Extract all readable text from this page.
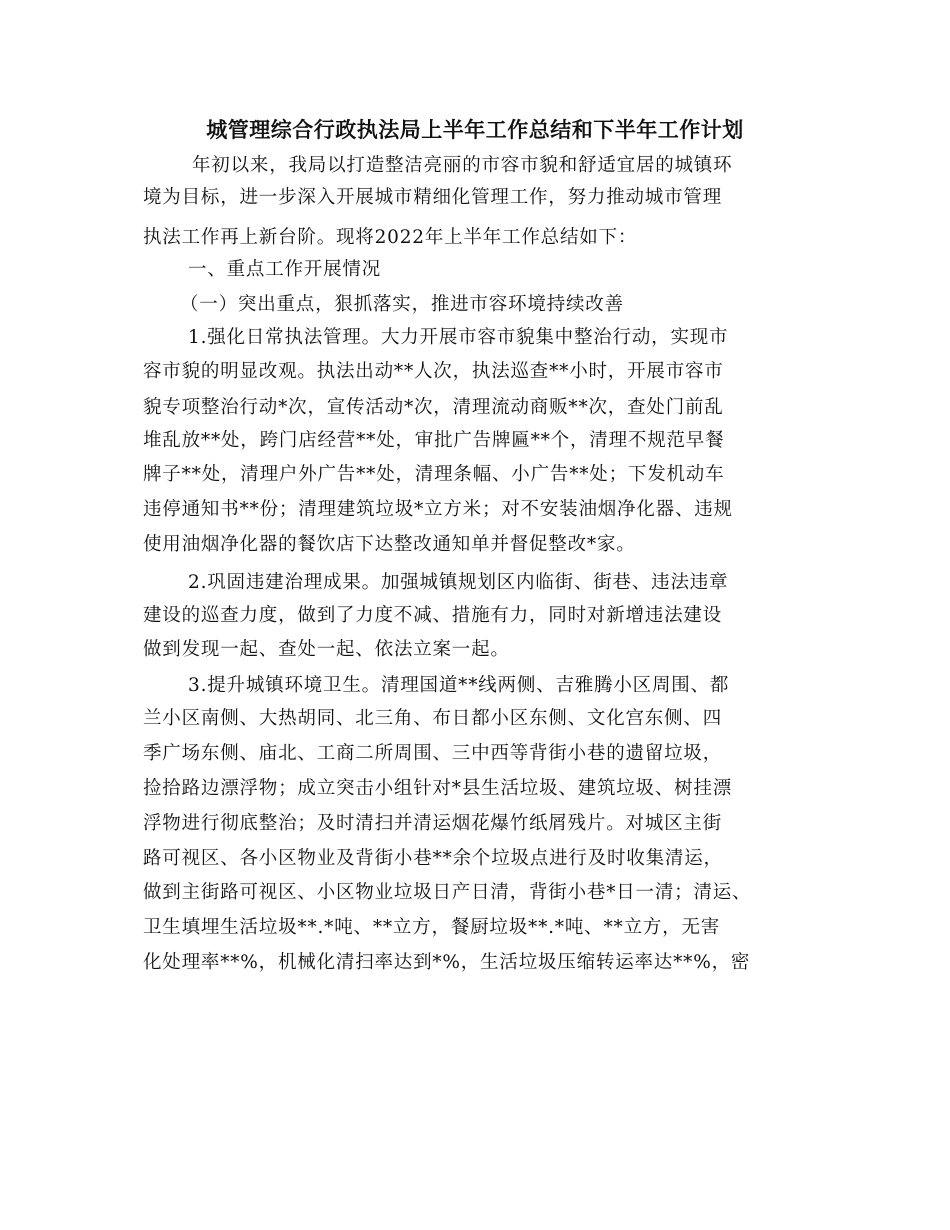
城管理综合行政执法局上半年工作总结和下半年工作计划
年初以来，我局以打造整洁亮丽的市容市貌和舒适宜居的城镇环
境为目标，进一步深入开展城市精细化管理工作，努力推动城市管理
执法工作再上新台阶。现将2022年上半年工作总结如下：
一、重点工作开展情况
（一）突出重点，狠抓落实，推进市容环境持续改善
1.强化日常执法管理。大力开展市容市貌集中整治行动，实现市
容市貌的明显改观。执法出动**人次，执法巡查**小时，开展市容市
貌专项整治行动*次，宣传活动*次，清理流动商贩**次，查处门前乱
堆乱放**处，跨门店经营**处，审批广告牌匾**个，清理不规范早餐
牌子**处，清理户外广告**处，清理条幅、小广告**处；下发机动车
违停通知书**份；清理建筑垃圾*立方米；对不安装油烟净化器、违规
使用油烟净化器的餐饮店下达整改通知单并督促整改*家。
2.巩固违建治理成果。加强城镇规划区内临街、街巷、违法违章
建设的巡查力度，做到了力度不减、措施有力，同时对新增违法建设
做到发现一起、查处一起、依法立案一起。
3.提升城镇环境卫生。清理国道**线两侧、吉雅腾小区周围、都
兰小区南侧、大热胡同、北三角、布日都小区东侧、文化宫东侧、四
季广场东侧、庙北、工商二所周围、三中西等背街小巷的遗留垃圾，
捡拾路边漂浮物；成立突击小组针对*县生活垃圾、建筑垃圾、树挂漂
浮物进行彻底整治；及时清扫并清运烟花爆竹纸屑残片。对城区主街
路可视区、各小区物业及背街小巷**余个垃圾点进行及时收集清运，
做到主街路可视区、小区物业垃圾日产日清，背街小巷*日一清；清运、
卫生填埋生活垃圾**.*吨、**立方，餐厨垃圾**.*吨、**立方，无害
化处理率**%，机械化清扫率达到*%，生活垃圾压缩转运率达**%，密
